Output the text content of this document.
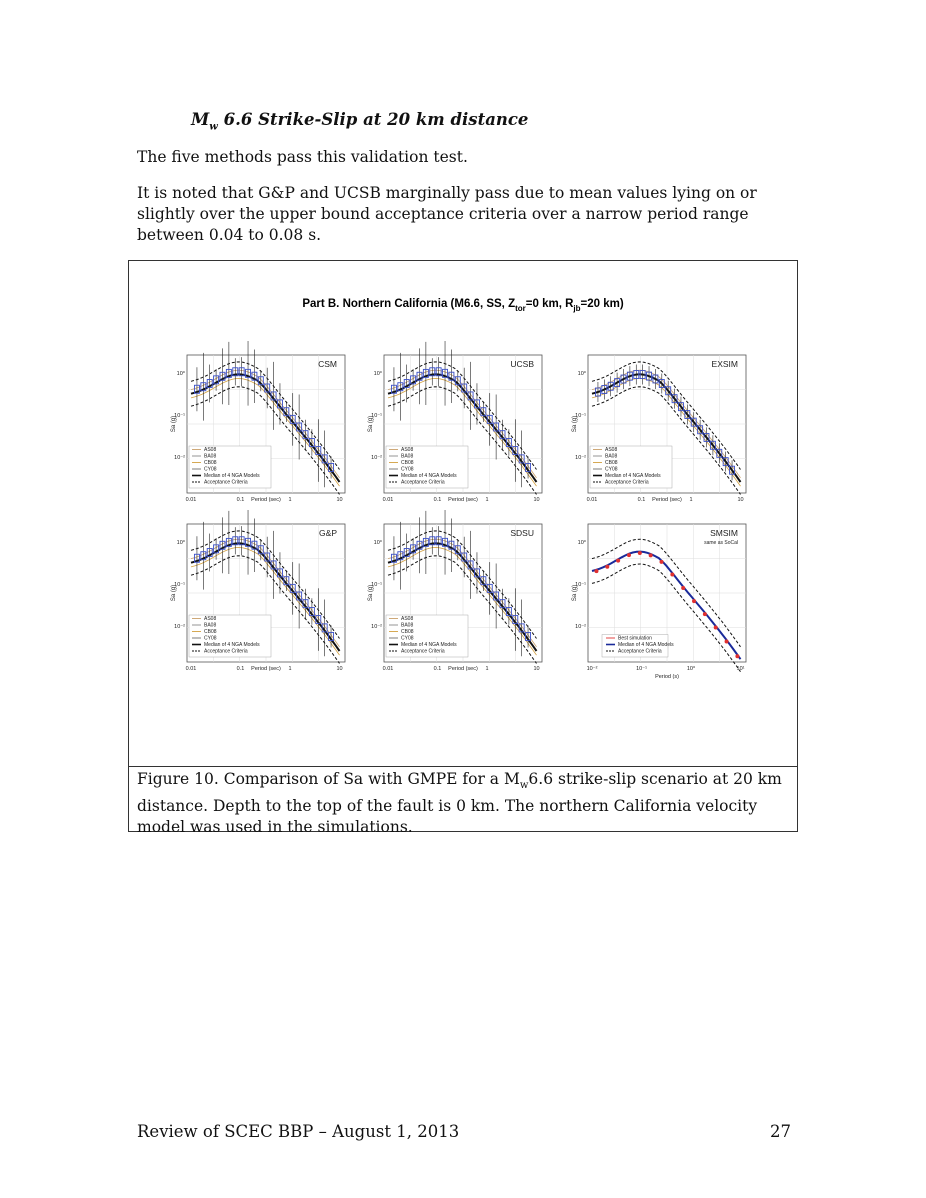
$M_w$ 6.6 Strike-Slip at 20 km distance

The five methods pass this validation test.

It is noted that G&P and UCSB marginally pass due to mean values lying on or slightly over the upper bound acceptance criteria over a narrow period range between 0.04 to 0.08 s.

Part B. Northern California (M6.6, SS, $Z_{tor}=0$ km, $R_{jb}=20$ km)
CSM
Sa (g)
10⁰
10⁻¹
10⁻²
0.01	0.1	1	10
Period (sec)
AS08
BA08
CB08
CY08
Median of 4 NGA Models
Acceptance Criteria
UCSB
Sa (g)
10⁰
10⁻¹
10⁻²
0.01	0.1	1	10
Period (sec)
AS08
BA08
CB08
CY08
Median of 4 NGA Models
Acceptance Criteria
EXSIM
Sa (g)
10⁰
10⁻¹
10⁻²
0.01	0.1	1	10
Period (sec)
AS08
BA08
CB08
CY08
Median of 4 NGA Models
Acceptance Criteria
G&P
Sa (g)
10⁰
10⁻¹
10⁻²
0.01	0.1	1	10
Period (sec)
AS08
BA08
CB08
CY08
Median of 4 NGA Models
Acceptance Criteria
SDSU
Sa (g)
10⁰
10⁻¹
10⁻²
0.01	0.1	1	10
Period (sec)
AS08
BA08
CB08
CY08
Median of 4 NGA Models
Acceptance Criteria
SMSIM
same as SoCal
Sa (g)
10⁰
10⁻¹
10⁻²
10⁻²	10⁻¹	10⁰	10¹
Period (s)
Best simulation
Median of 4 NGA Models
Acceptance Criteria
Figure 10. Comparison of Sa with GMPE for a $M_w6.6$ strike-slip scenario at 20 km distance. Depth to the top of the fault is 0 km. The northern California velocity model was used in the simulations.
Review of SCEC BBP – August 1, 2013	27
